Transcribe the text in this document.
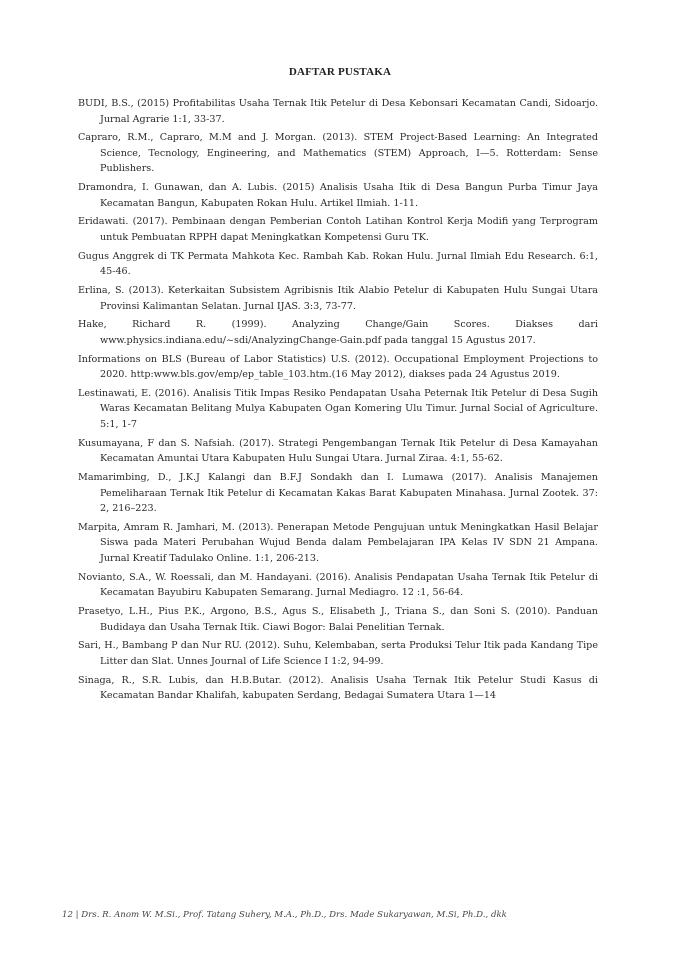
DAFTAR PUSTAKA
BUDI, B.S., (2015) Profitabilitas Usaha Ternak Itik Petelur di Desa Kebonsari Kecamatan Candi, Sidoarjo. Jurnal Agrarie 1:1, 33-37.
Capraro, R.M., Capraro, M.M and J. Morgan. (2013). STEM Project-Based Learning: An Integrated Science, Tecnology, Engineering, and Mathematics (STEM) Approach, I—5. Rotterdam: Sense Publishers.
Dramondra, I. Gunawan, dan A. Lubis. (2015) Analisis Usaha Itik di Desa Bangun Purba Timur Jaya Kecamatan Bangun, Kabupaten Rokan Hulu. Artikel Ilmiah. 1-11.
Eridawati. (2017). Pembinaan dengan Pemberian Contoh Latihan Kontrol Kerja Modifi yang Terprogram untuk Pembuatan RPPH dapat Meningkatkan Kompetensi Guru TK.
Gugus Anggrek di TK Permata Mahkota Kec. Rambah Kab. Rokan Hulu. Jurnal Ilmiah Edu Research. 6:1, 45-46.
Erlina, S. (2013). Keterkaitan Subsistem Agribisnis Itik Alabio Petelur di Kabupaten Hulu Sungai Utara Provinsi Kalimantan Selatan. Jurnal IJAS. 3:3, 73-77.
Hake, Richard R. (1999). Analyzing Change/Gain Scores. Diakses dari www.physics.indiana.edu/~sdi/AnalyzingChange-Gain.pdf pada tanggal 15 Agustus 2017.
Informations on BLS (Bureau of Labor Statistics) U.S. (2012). Occupational Employment Projections to 2020. http:www.bls.gov/emp/ep_table_103.htm.(16 May 2012), diakses pada 24 Agustus 2019.
Lestinawati, E. (2016). Analisis Titik Impas Resiko Pendapatan Usaha Peternak Itik Petelur di Desa Sugih Waras Kecamatan Belitang Mulya Kabupaten Ogan Komering Ulu Timur. Jurnal Social of Agriculture. 5:1, 1-7
Kusumayana, F dan S. Nafsiah. (2017). Strategi Pengembangan Ternak Itik Petelur di Desa Kamayahan Kecamatan Amuntai Utara Kabupaten Hulu Sungai Utara. Jurnal Ziraa. 4:1, 55-62.
Mamarimbing, D., J.K.J Kalangi dan B.F.J Sondakh dan I. Lumawa (2017). Analisis Manajemen Pemeliharaan Ternak Itik Petelur di Kecamatan Kakas Barat Kabupaten Minahasa. Jurnal Zootek. 37: 2, 216–223.
Marpita, Amram R. Jamhari, M. (2013). Penerapan Metode Pengujuan untuk Meningkatkan Hasil Belajar Siswa pada Materi Perubahan Wujud Benda dalam Pembelajaran IPA Kelas IV SDN 21 Ampana. Jurnal Kreatif Tadulako Online. 1:1, 206-213.
Novianto, S.A., W. Roessali, dan M. Handayani. (2016). Analisis Pendapatan Usaha Ternak Itik Petelur di Kecamatan Bayubiru Kabupaten Semarang. Jurnal Mediagro. 12 :1, 56-64.
Prasetyo, L.H., Pius P.K., Argono, B.S., Agus S., Elisabeth J., Triana S., dan Soni S. (2010). Panduan Budidaya dan Usaha Ternak Itik. Ciawi Bogor: Balai Penelitian Ternak.
Sari, H., Bambang P dan Nur RU. (2012). Suhu, Kelembaban, serta Produksi Telur Itik pada Kandang Tipe Litter dan Slat. Unnes Journal of Life Science I 1:2, 94-99.
Sinaga, R., S.R. Lubis, dan H.B.Butar. (2012). Analisis Usaha Ternak Itik Petelur Studi Kasus di Kecamatan Bandar Khalifah, kabupaten Serdang, Bedagai Sumatera Utara 1—14
12 | Drs. R. Anom W. M.Si., Prof. Tatang Suhery, M.A., Ph.D., Drs. Made Sukaryawan, M.Si, Ph.D., dkk
